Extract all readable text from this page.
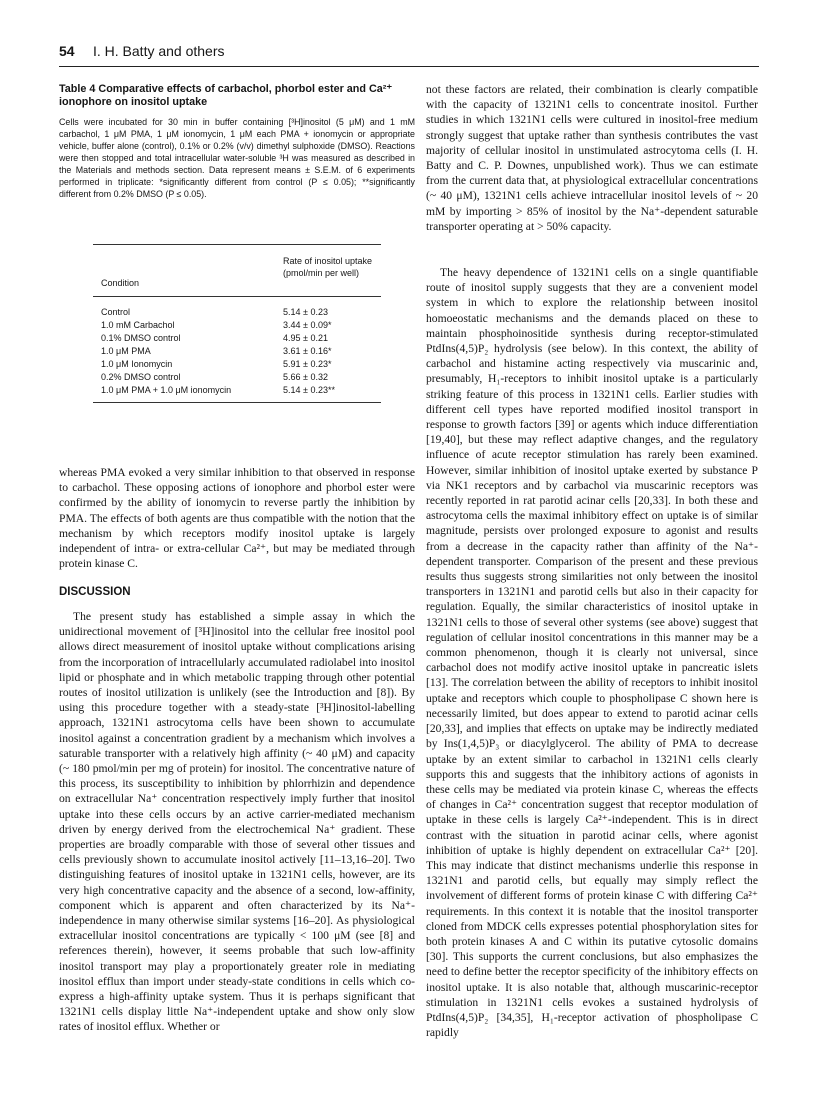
54 I. H. Batty and others
Table 4 Comparative effects of carbachol, phorbol ester and Ca²⁺ ionophore on inositol uptake
Cells were incubated for 30 min in buffer containing [³H]inositol (5 μM) and 1 mM carbachol, 1 μM PMA, 1 μM ionomycin, 1 μM each PMA + ionomycin or appropriate vehicle, buffer alone (control), 0.1% or 0.2% (v/v) dimethyl sulphoxide (DMSO). Reactions were then stopped and total intracellular water-soluble ³H was measured as described in the Materials and methods section. Data represent means ± S.E.M. of 6 experiments performed in triplicate: *significantly different from control (P ≤ 0.05); **significantly different from 0.2% DMSO (P ≤ 0.05).
Rate of inositol uptake
(pmol/min per well)
Condition
Control	5.14 ± 0.23
1.0 mM Carbachol	3.44 ± 0.09*
0.1% DMSO control	4.95 ± 0.21
1.0 μM PMA	3.61 ± 0.16*
1.0 μM Ionomycin	5.91 ± 0.23*
0.2% DMSO control	5.66 ± 0.32
1.0 μM PMA + 1.0 μM ionomycin	5.14 ± 0.23**
whereas PMA evoked a very similar inhibition to that observed in response to carbachol. These opposing actions of ionophore and phorbol ester were confirmed by the ability of ionomycin to reverse partly the inhibition by PMA. The effects of both agents are thus compatible with the notion that the mechanism by which receptors modify inositol uptake is largely independent of intra- or extra-cellular Ca²⁺, but may be mediated through protein kinase C.
DISCUSSION
The present study has established a simple assay in which the unidirectional movement of [³H]inositol into the cellular free inositol pool allows direct measurement of inositol uptake without complications arising from the incorporation of intracellularly accumulated radiolabel into inositol lipid or phosphate and in which metabolic trapping through other potential routes of inositol utilization is unlikely (see the Introduction and [8]). By using this procedure together with a steady-state [³H]inositol-labelling approach, 1321N1 astrocytoma cells have been shown to accumulate inositol against a concentration gradient by a mechanism which involves a saturable transporter with a relatively high affinity (~ 40 μM) and capacity (~ 180 pmol/min per mg of protein) for inositol. The concentrative nature of this process, its susceptibility to inhibition by phlorrhizin and dependence on extracellular Na⁺ concentration respectively imply further that inositol uptake into these cells occurs by an active carrier-mediated mechanism driven by energy derived from the electrochemical Na⁺ gradient. These properties are broadly comparable with those of several other tissues and cells previously shown to accumulate inositol actively [11–13,16–20]. Two distinguishing features of inositol uptake in 1321N1 cells, however, are its very high concentrative capacity and the absence of a second, low-affinity, component which is apparent and often characterized by its Na⁺-independence in many otherwise similar systems [16–20]. As physiological extracellular inositol concentrations are typically < 100 μM (see [8] and references therein), however, it seems probable that such low-affinity inositol transport may play a proportionately greater role in mediating inositol efflux than import under steady-state conditions in cells which co-express a high-affinity uptake system. Thus it is perhaps significant that 1321N1 cells display little Na⁺-independent uptake and show only slow rates of inositol efflux. Whether or
not these factors are related, their combination is clearly compatible with the capacity of 1321N1 cells to concentrate inositol. Further studies in which 1321N1 cells were cultured in inositol-free medium strongly suggest that uptake rather than synthesis contributes the vast majority of cellular inositol in unstimulated astrocytoma cells (I. H. Batty and C. P. Downes, unpublished work). Thus we can estimate from the current data that, at physiological extracellular concentrations (~ 40 μM), 1321N1 cells achieve intracellular inositol levels of ~ 20 mM by importing > 85% of inositol by the Na⁺-dependent saturable transporter operating at > 50% capacity.
The heavy dependence of 1321N1 cells on a single quantifiable route of inositol supply suggests that they are a convenient model system in which to explore the relationship between inositol homoeostatic mechanisms and the demands placed on these to maintain phosphoinositide synthesis during receptor-stimulated PtdIns(4,5)P₂ hydrolysis (see below). In this context, the ability of carbachol and histamine acting respectively via muscarinic and, presumably, H₁-receptors to inhibit inositol uptake is a particularly striking feature of this process in 1321N1 cells. Earlier studies with different cell types have reported modified inositol transport in response to growth factors [39] or agents which induce differentiation [19,40], but these may reflect adaptive changes, and the regulatory influence of acute receptor stimulation has rarely been examined. However, similar inhibition of inositol uptake exerted by substance P via NK1 receptors and by carbachol via muscarinic receptors was recently reported in rat parotid acinar cells [20,33]. In both these and astrocytoma cells the maximal inhibitory effect on uptake is of similar magnitude, persists over prolonged exposure to agonist and results from a decrease in the capacity rather than affinity of the Na⁺-dependent transporter. Comparison of the present and these previous results thus suggests strong similarities not only between the inositol transporters in 1321N1 and parotid cells but also in their capacity for regulation. Equally, the similar characteristics of inositol uptake in 1321N1 cells to those of several other systems (see above) suggest that regulation of cellular inositol concentrations in this manner may be a common phenomenon, though it is clearly not universal, since carbachol does not modify active inositol uptake in pancreatic islets [13]. The correlation between the ability of receptors to inhibit inositol uptake and receptors which couple to phospholipase C shown here is necessarily limited, but does appear to extend to parotid acinar cells [20,33], and implies that effects on uptake may be indirectly mediated by Ins(1,4,5)P₃ or diacylglycerol. The ability of PMA to decrease uptake by an extent similar to carbachol in 1321N1 cells clearly supports this and suggests that the inhibitory actions of agonists in these cells may be mediated via protein kinase C, whereas the effects of changes in Ca²⁺ concentration suggest that receptor modulation of uptake in these cells is largely Ca²⁺-independent. This is in direct contrast with the situation in parotid acinar cells, where agonist inhibition of uptake is highly dependent on extracellular Ca²⁺ [20]. This may indicate that distinct mechanisms underlie this response in 1321N1 and parotid cells, but equally may simply reflect the involvement of different forms of protein kinase C with differing Ca²⁺ requirements. In this context it is notable that the inositol transporter cloned from MDCK cells expresses potential phosphorylation sites for both protein kinases A and C within its putative cytosolic domains [30]. This supports the current conclusions, but also emphasizes the need to define better the receptor specificity of the inhibitory effects on inositol uptake. It is also notable that, although muscarinic-receptor stimulation in 1321N1 cells evokes a sustained hydrolysis of PtdIns(4,5)P₂ [34,35], H₁-receptor activation of phospholipase C rapidly
